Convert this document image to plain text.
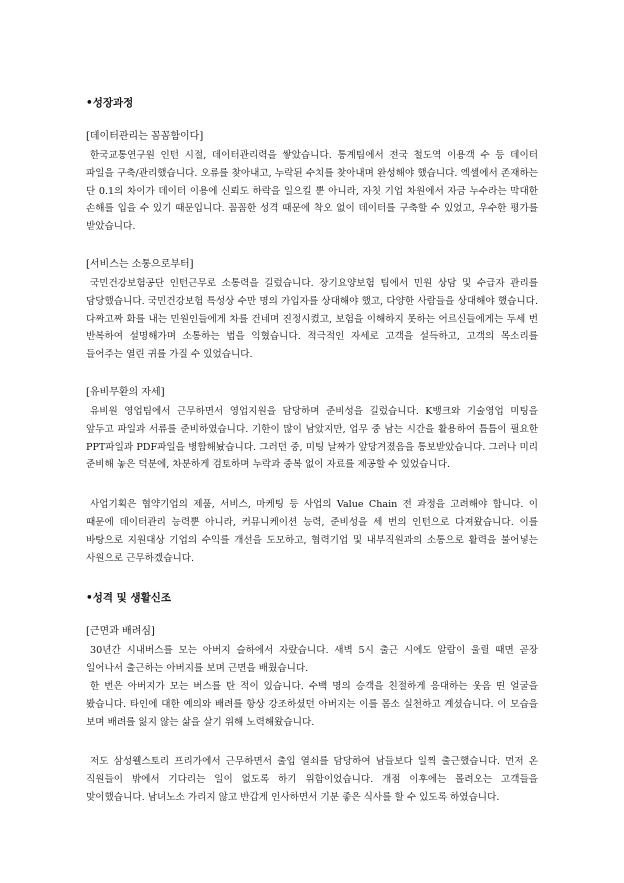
•성장과정
[데이터관리는 꼼꼼함이다]
한국교통연구원 인턴 시절, 데이터관리력을 쌓았습니다. 통계팀에서 전국 철도역 이용객 수 등 데이터 파일을 구축/관리했습니다. 오류를 찾아내고, 누락된 수치를 찾아내며 완성해야 했습니다. 엑셀에서 존재하는 단 0.1의 차이가 데이터 이용에 신뢰도 하락을 일으킬 뿐 아니라, 자칫 기업 차원에서 자금 누수라는 막대한 손해를 입을 수 있기 때문입니다. 꼼꼼한 성격 때문에 착오 없이 데이터를 구축할 수 있었고, 우수한 평가를 받았습니다.
[서비스는 소통으로부터]
국민건강보험공단 인턴근무로 소통력을 길렀습니다. 장기요양보험 팀에서 민원 상담 및 수급자 관리를 담당했습니다. 국민건강보험 특성상 수만 명의 가입자를 상대해야 했고, 다양한 사람들을 상대해야 했습니다. 다짜고짜 화를 내는 민원인들에게 차를 건네며 진정시켰고, 보험을 이해하지 못하는 어르신들에게는 두세 번 반복하여 설명해가며 소통하는 법을 익혔습니다. 적극적인 자세로 고객을 설득하고, 고객의 목소리를 들어주는 열린 귀를 가질 수 있었습니다.
[유비무환의 자세]
유비원 영업팀에서 근무하면서 영업지원을 담당하며 준비성을 길렀습니다. K뱅크와 기술영업 미팅을 앞두고 파일과 서류를 준비하였습니다. 기한이 많이 남았지만, 업무 중 남는 시간을 활용하여 틈틈이 필요한 PPT파일과 PDF파일을 병합해놨습니다. 그러던 중, 미팅 날짜가 앞당겨졌음을 통보받았습니다. 그러나 미리 준비해 놓은 덕분에, 차분하게 검토하며 누락과 중복 없이 자료를 제공할 수 있었습니다.
사업기획은 협약기업의 제품, 서비스, 마케팅 등 사업의 Value Chain 전 과정을 고려해야 합니다. 이 때문에 데이터관리 능력뿐 아니라, 커뮤니케이션 능력, 준비성을 세 번의 인턴으로 다져왔습니다. 이를 바탕으로 지원대상 기업의 수익를 개선을 도모하고, 협력기업 및 내부직원과의 소통으로 활력을 불어넣는 사원으로 근무하겠습니다.
•성격 및 생활신조
[근면과 배려심]
30년간 시내버스를 모는 아버지 슬하에서 자랐습니다. 새벽 5시 출근 시에도 알람이 울릴 때면 곧장 일어나서 출근하는 아버지를 보며 근면을 배웠습니다.
한 번은 아버지가 모는 버스를 탄 적이 있습니다. 수백 명의 승객을 친절하게 응대하는 웃음 띤 얼굴을 봤습니다. 타인에 대한 예의와 배려를 항상 강조하셨던 아버지는 이를 몸소 실천하고 계셨습니다. 이 모습을 보며 배려를 잃지 않는 삶을 살기 위해 노력해왔습니다.
저도 삼성웰스토리 프리가에서 근무하면서 출입 열쇠를 담당하여 남들보다 일찍 출근했습니다. 먼저 온 직원들이 밖에서 기다리는 일이 없도록 하기 위함이었습니다. 개점 이후에는 몰려오는 고객들을 맞이했습니다. 남녀노소 가리지 않고 반갑게 인사하면서 기분 좋은 식사를 할 수 있도록 하였습니다.
